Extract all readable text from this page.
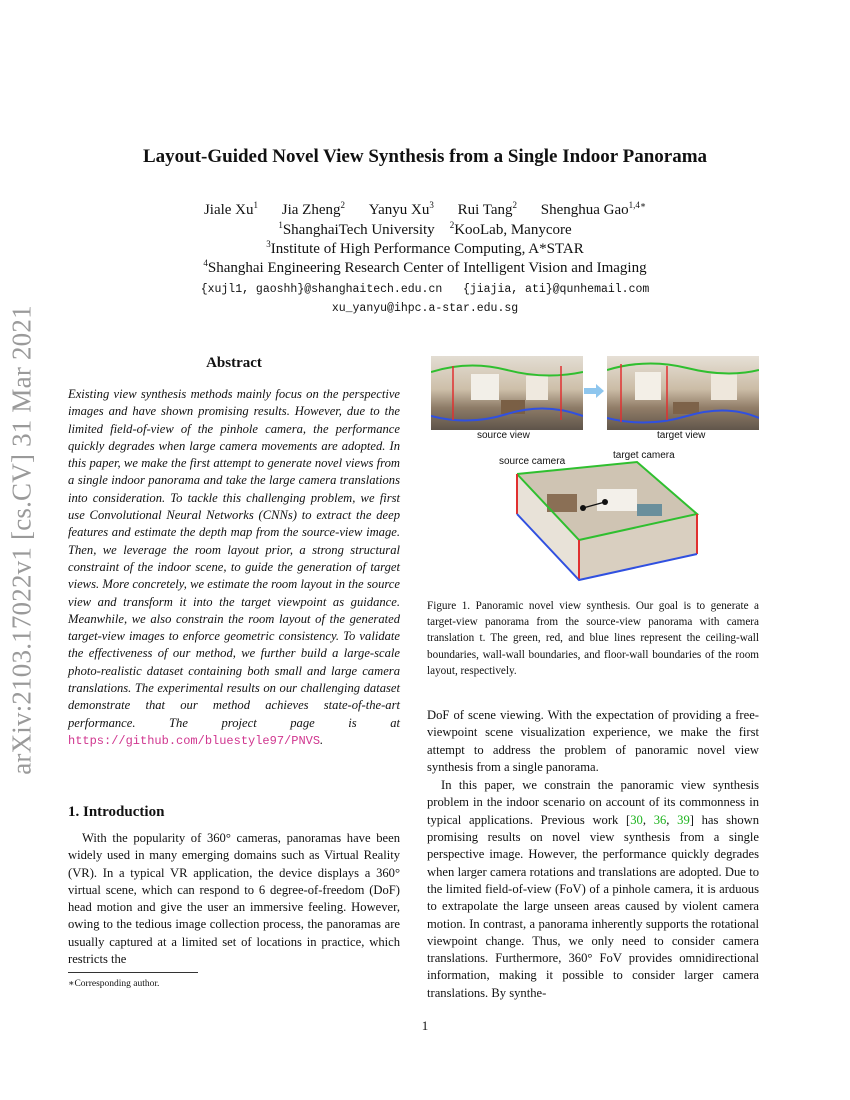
arXiv:2103.17022v1 [cs.CV] 31 Mar 2021
Layout-Guided Novel View Synthesis from a Single Indoor Panorama
Jiale Xu$^1$ Jia Zheng$^2$ Yanyu Xu$^3$ Rui Tang$^2$ Shenghua Gao$^{1,4∗}$
$^1$ShanghaiTech University $^2$KooLab, Manycore
$^3$Institute of High Performance Computing, A*STAR
$^4$Shanghai Engineering Research Center of Intelligent Vision and Imaging
{xujl1, gaoshh}@shanghaitech.edu.cn   {jiajia, ati}@qunhemail.com
xu_yanyu@ihpc.a-star.edu.sg
Abstract
Existing view synthesis methods mainly focus on the perspective images and have shown promising results. However, due to the limited field-of-view of the pinhole camera, the performance quickly degrades when large camera movements are adopted. In this paper, we make the first attempt to generate novel views from a single indoor panorama and take the large camera translations into consideration. To tackle this challenging problem, we first use Convolutional Neural Networks (CNNs) to extract the deep features and estimate the depth map from the source-view image. Then, we leverage the room layout prior, a strong structural constraint of the indoor scene, to guide the generation of target views. More concretely, we estimate the room layout in the source view and transform it into the target viewpoint as guidance. Meanwhile, we also constrain the room layout of the generated target-view images to enforce geometric consistency. To validate the effectiveness of our method, we further build a large-scale photo-realistic dataset containing both small and large camera translations. The experimental results on our challenging dataset demonstrate that our method achieves state-of-the-art performance. The project page is at https://github.com/bluestyle97/PNVS.
1. Introduction
With the popularity of 360° cameras, panoramas have been widely used in many emerging domains such as Virtual Reality (VR). In a typical VR application, the device displays a 360° virtual scene, which can respond to 6 degree-of-freedom (DoF) head motion and give the user an immersive feeling. However, owing to the tedious image collection process, the panoramas are usually captured at a limited set of locations in practice, which restricts the
∗Corresponding author.
source view	target view
source camera
target camera
Figure 1. Panoramic novel view synthesis. Our goal is to generate a target-view panorama from the source-view panorama with camera translation t. The green, red, and blue lines represent the ceiling-wall boundaries, wall-wall boundaries, and floor-wall boundaries of the room layout, respectively.
DoF of scene viewing. With the expectation of providing a free-viewpoint scene visualization experience, we make the first attempt to address the problem of panoramic novel view synthesis from a single panorama.
In this paper, we constrain the panoramic view synthesis problem in the indoor scenario on account of its commonness in typical applications. Previous work [30, 36, 39] has shown promising results on novel view synthesis from a single perspective image. However, the performance quickly degrades when larger camera rotations and translations are adopted. Due to the limited field-of-view (FoV) of a pinhole camera, it is arduous to extrapolate the large unseen areas caused by violent camera motion. In contrast, a panorama inherently supports the rotational viewpoint change. Thus, we only need to consider camera translations. Furthermore, 360° FoV provides omnidirectional information, making it possible to consider larger camera translations. By synthe-
1
